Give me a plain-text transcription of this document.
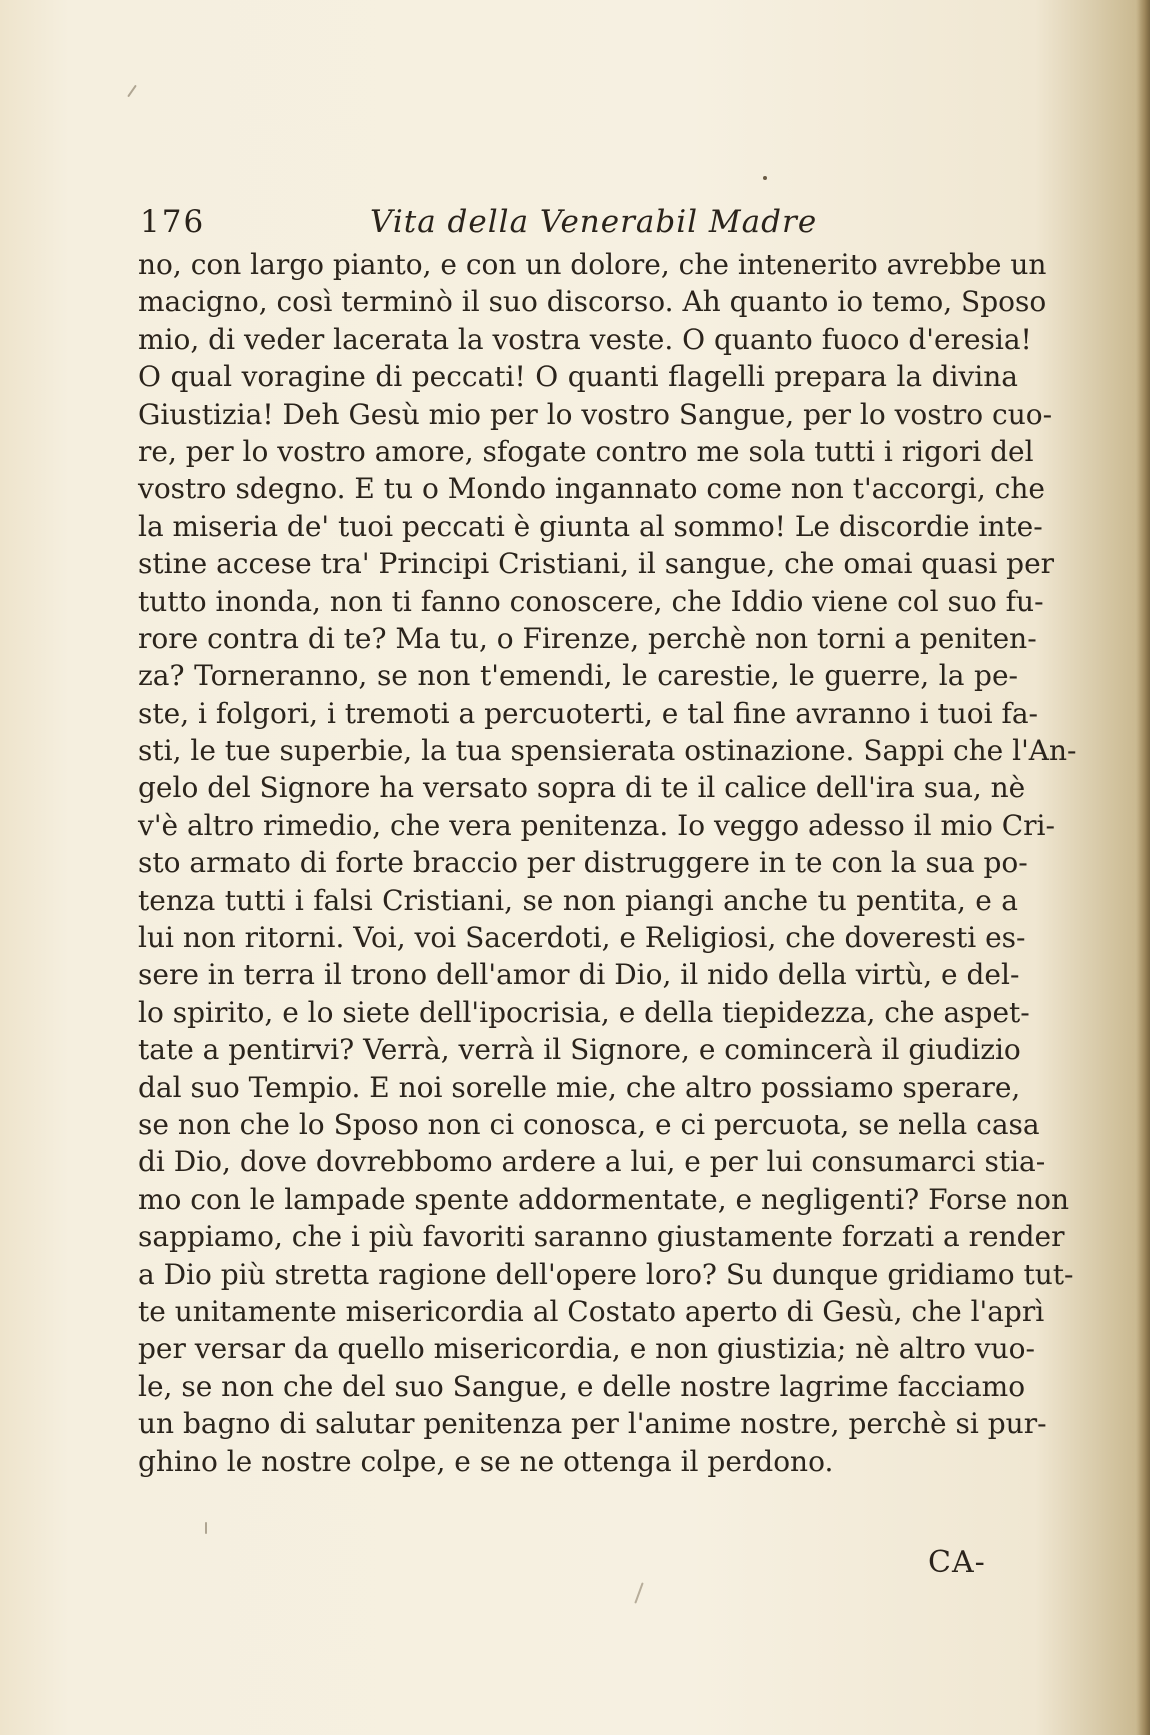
176	Vita della Venerabil Madre
no, con largo pianto, e con un dolore, che intenerito avrebbe un
macigno, così terminò il suo discorso. Ah quanto io temo, Sposo
mio, di veder lacerata la vostra veste. O quanto fuoco d'eresia!
O qual voragine di peccati! O quanti flagelli prepara la divina
Giustizia! Deh Gesù mio per lo vostro Sangue, per lo vostro cuo-
re, per lo vostro amore, sfogate contro me sola tutti i rigori del
vostro sdegno. E tu o Mondo ingannato come non t'accorgi, che
la miseria de' tuoi peccati è giunta al sommo! Le discordie inte-
stine accese tra' Principi Cristiani, il sangue, che omai quasi per
tutto inonda, non ti fanno conoscere, che Iddio viene col suo fu-
rore contra di te? Ma tu, o Firenze, perchè non torni a peniten-
za? Torneranno, se non t'emendi, le carestie, le guerre, la pe-
ste, i folgori, i tremoti a percuoterti, e tal fine avranno i tuoi fa-
sti, le tue superbie, la tua spensierata ostinazione. Sappi che l'An-
gelo del Signore ha versato sopra di te il calice dell'ira sua, nè
v'è altro rimedio, che vera penitenza. Io veggo adesso il mio Cri-
sto armato di forte braccio per distruggere in te con la sua po-
tenza tutti i falsi Cristiani, se non piangi anche tu pentita, e a
lui non ritorni. Voi, voi Sacerdoti, e Religiosi, che doveresti es-
sere in terra il trono dell'amor di Dio, il nido della virtù, e del-
lo spirito, e lo siete dell'ipocrisia, e della tiepidezza, che aspet-
tate a pentirvi? Verrà, verrà il Signore, e comincerà il giudizio
dal suo Tempio. E noi sorelle mie, che altro possiamo sperare,
se non che lo Sposo non ci conosca, e ci percuota, se nella casa
di Dio, dove dovrebbomo ardere a lui, e per lui consumarci stia-
mo con le lampade spente addormentate, e negligenti? Forse non
sappiamo, che i più favoriti saranno giustamente forzati a render
a Dio più stretta ragione dell'opere loro? Su dunque gridiamo tut-
te unitamente misericordia al Costato aperto di Gesù, che l'aprì
per versar da quello misericordia, e non giustizia; nè altro vuo-
le, se non che del suo Sangue, e delle nostre lagrime facciamo
un bagno di salutar penitenza per l'anime nostre, perchè si pur-
ghino le nostre colpe, e se ne ottenga il perdono.
CA-
